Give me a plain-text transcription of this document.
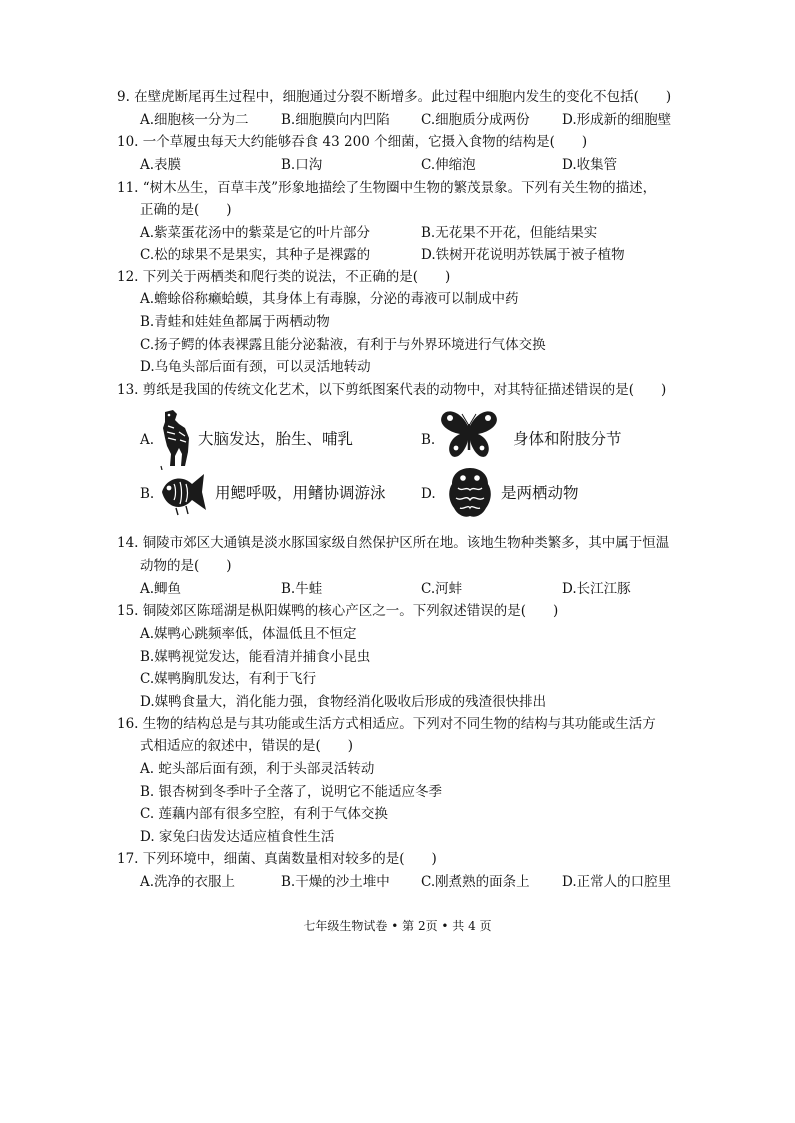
9. 在壁虎断尾再生过程中，细胞通过分裂不断增多。此过程中细胞内发生的变化不包括(　　)
A.细胞核一分为二 B.细胞膜向内凹陷 C.细胞质分成两份 D.形成新的细胞壁
10. 一个草履虫每天大约能够吞食 43 200 个细菌，它摄入食物的结构是(　　)
A.表膜	B.口沟	C.伸缩泡	D.收集管
11. “树木丛生，百草丰茂”形象地描绘了生物圈中生物的繁茂景象。下列有关生物的描述，
正确的是(　　)
A.紫菜蛋花汤中的紫菜是它的叶片部分	B.无花果不开花，但能结果实
C.松的球果不是果实，其种子是裸露的	D.铁树开花说明苏铁属于被子植物
12. 下列关于两栖类和爬行类的说法，不正确的是(　　)
A.蟾蜍俗称癞蛤蟆，其身体上有毒腺，分泌的毒液可以制成中药
B.青蛙和娃娃鱼都属于两栖动物
C.扬子鳄的体表裸露且能分泌黏液，有利于与外界环境进行气体交换
D.乌龟头部后面有颈，可以灵活地转动
13. 剪纸是我国的传统文化艺术，以下剪纸图案代表的动物中，对其特征描述错误的是(　　)
A.	大脑发达，胎生、哺乳	B.	身体和附肢分节
B.	用鳃呼吸，用鳍协调游泳	D.	是两栖动物
14. 铜陵市郊区大通镇是淡水豚国家级自然保护区所在地。该地生物种类繁多，其中属于恒温
动物的是(　　)
A.鲫鱼	B.牛蛙	C.河蚌	D.长江江豚
15. 铜陵郊区陈瑶湖是枞阳媒鸭的核心产区之一。下列叙述错误的是(　　)
A.媒鸭心跳频率低，体温低且不恒定
B.媒鸭视觉发达，能看清并捕食小昆虫
C.媒鸭胸肌发达，有利于飞行
D.媒鸭食量大，消化能力强，食物经消化吸收后形成的残渣很快排出
16. 生物的结构总是与其功能或生活方式相适应。下列对不同生物的结构与其功能或生活方
式相适应的叙述中，错误的是(　　)
A. 蛇头部后面有颈，利于头部灵活转动
B. 银杏树到冬季叶子全落了，说明它不能适应冬季
C. 莲藕内部有很多空腔，有利于气体交换
D. 家兔臼齿发达适应植食性生活
17. 下列环境中，细菌、真菌数量相对较多的是(　　)
A.洗净的衣服上	B.干燥的沙土堆中 C.刚煮熟的面条上 D.正常人的口腔里
七年级生物试卷 • 第 2页 • 共 4 页
